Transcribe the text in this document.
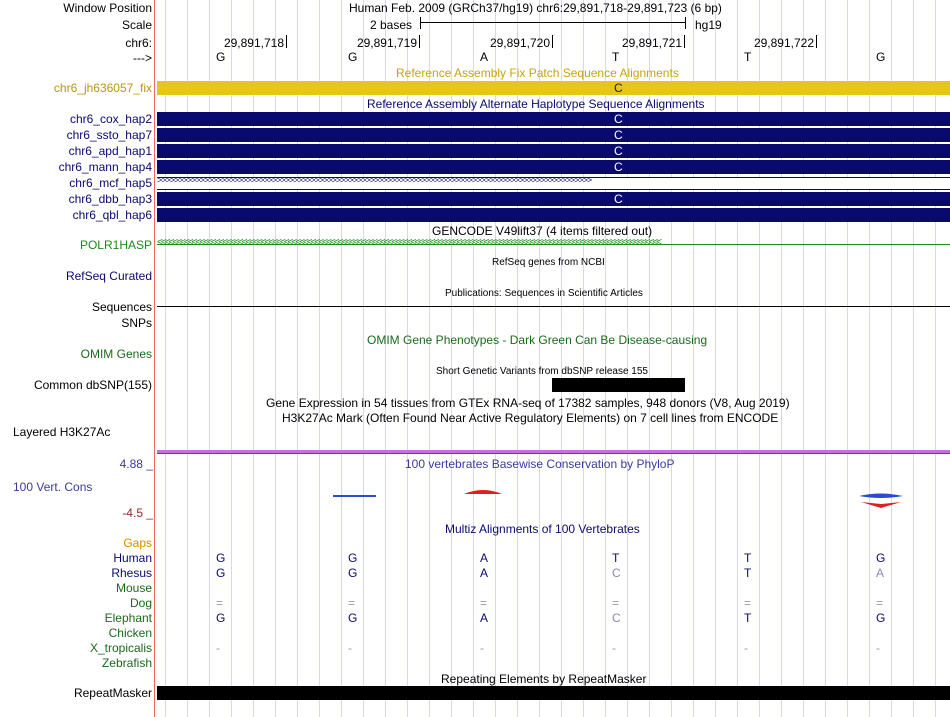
Window Position	Human Feb. 2009 (GRCh37/hg19) chr6:29,891,718-29,891,723 (6 bp)
Scale	2 bases	hg19
chr6:	29,891,718	29,891,719	29,891,720	29,891,721	29,891,722
--->	G	G	A	T	T	G
Reference Assembly Fix Patch Sequence Alignments
chr6_jh636057_fix	C
Reference Assembly Alternate Haplotype Sequence Alignments
chr6_cox_hap2	C
chr6_ssto_hap7	C
chr6_apd_hap1	C
chr6_mann_hap4	C
chr6_mcf_hap5 >>>>>>>>>>>>>>>>>>>>>>>>>>>>>>>>>>>>>>>>>>>>>>>>>>>>>>>>>>>>>>>>>>>>>>>>>>>>>>>>>>>>>>>>>>>>>>>>>>>>>>
chr6_dbb_hap3	C
chr6_qbl_hap6
GENCODE V49lift37 (4 items filtered out)
POLR1HASP <<<<<<<<<<<<<<<<<<<<<<<<<<<<<<<<<<<<<<<<<<<<<<<<<<<<<<<<<<<<<<<<<<<<<<<<<<<<<<<<<<<<<<<<<<<<<<<<<<<<<<<<<<<<<<<<<<<<<<<<<<<<<<<<<<<
RefSeq genes from NCBI
RefSeq Curated
Publications: Sequences in Scientific Articles
Sequences
SNPs
OMIM Gene Phenotypes - Dark Green Can Be Disease-causing
OMIM Genes
Short Genetic Variants from dbSNP release 155
Common dbSNP(155)
Gene Expression in 54 tissues from GTEx RNA-seq of 17382 samples, 948 donors (V8, Aug 2019)
H3K27Ac Mark (Often Found Near Active Regulatory Elements) on 7 cell lines from ENCODE
Layered H3K27Ac
100 vertebrates Basewise Conservation by PhyloP
4.88 _
100 Vert. Cons
-4.5 _
Multiz Alignments of 100 Vertebrates
Gaps
Human	G	G	A	T	T	G
Rhesus	G	G	A	C	T	A
Mouse
Dog	=	=	=	=	=	=
Elephant	G	G	A	C	T	G
Chicken
X_tropicalis	-	-	-	-	-	-
Zebrafish
Repeating Elements by RepeatMasker
RepeatMasker
